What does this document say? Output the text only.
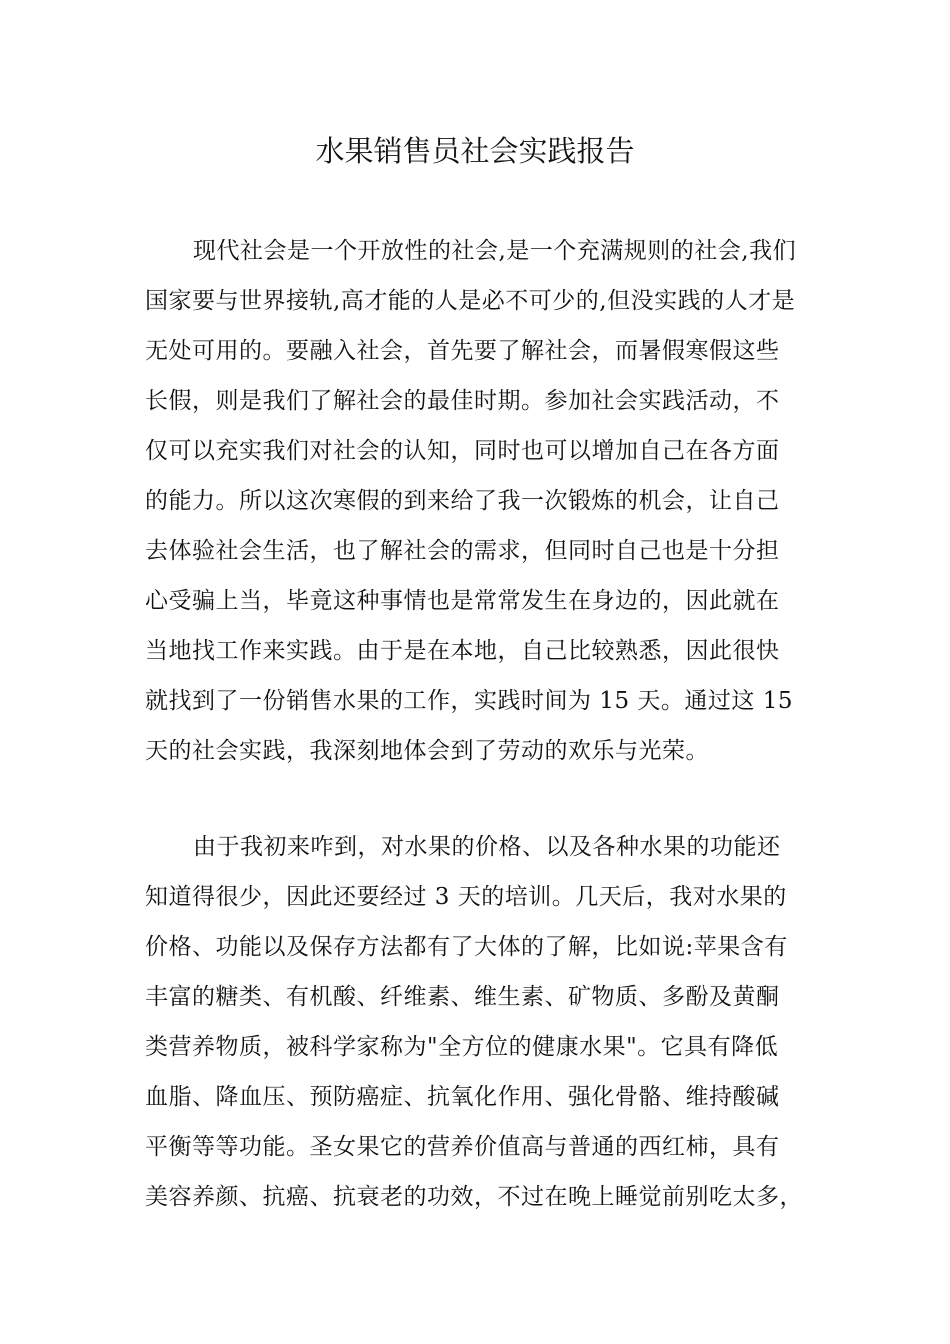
水果销售员社会实践报告
现代社会是一个开放性的社会,是一个充满规则的社会,我们
国家要与世界接轨,高才能的人是必不可少的,但没实践的人才是
无处可用的。要融入社会，首先要了解社会，而暑假寒假这些
长假，则是我们了解社会的最佳时期。参加社会实践活动，不
仅可以充实我们对社会的认知，同时也可以增加自己在各方面
的能力。所以这次寒假的到来给了我一次锻炼的机会，让自己
去体验社会生活，也了解社会的需求，但同时自己也是十分担
心受骗上当，毕竟这种事情也是常常发生在身边的，因此就在
当地找工作来实践。由于是在本地，自己比较熟悉，因此很快
就找到了一份销售水果的工作，实践时间为 15 天。通过这 15
天的社会实践，我深刻地体会到了劳动的欢乐与光荣。
由于我初来咋到，对水果的价格、以及各种水果的功能还
知道得很少，因此还要经过 3 天的培训。几天后，我对水果的
价格、功能以及保存方法都有了大体的了解，比如说:苹果含有
丰富的糖类、有机酸、纤维素、维生素、矿物质、多酚及黄酮
类营养物质，被科学家称为"全方位的健康水果"。它具有降低
血脂、降血压、预防癌症、抗氧化作用、强化骨骼、维持酸碱
平衡等等功能。圣女果它的营养价值高与普通的西红柿，具有
美容养颜、抗癌、抗衰老的功效，不过在晚上睡觉前别吃太多，
